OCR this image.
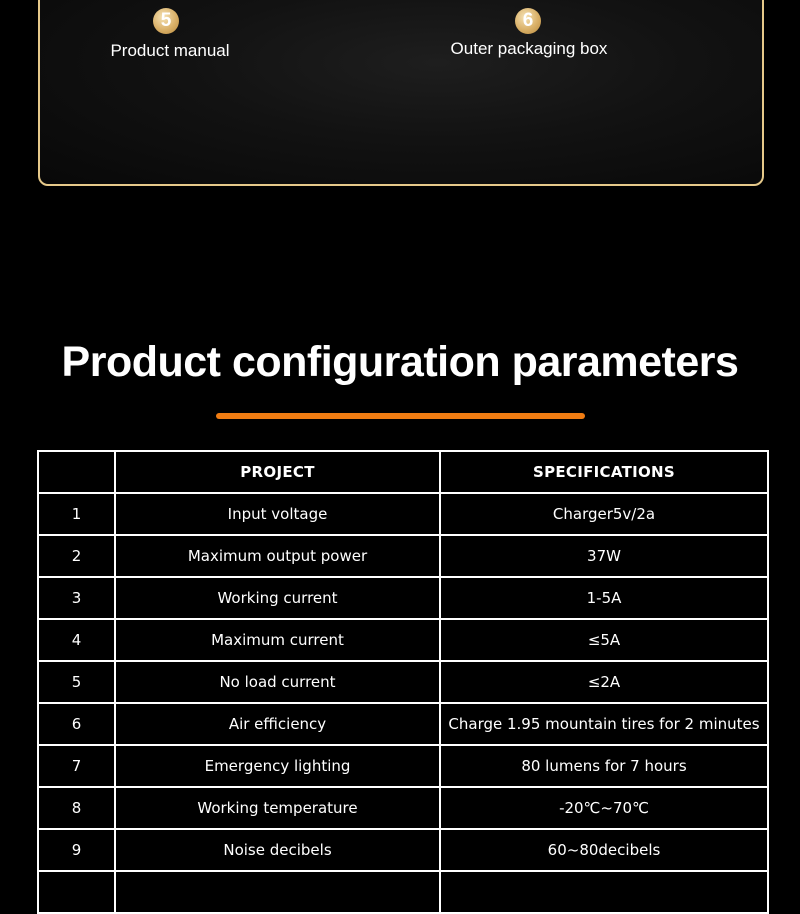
5
Product manual
6
Outer packaging box
Product configuration parameters
	PROJECT	SPECIFICATIONS
1	Input voltage	Charger5v/2a
2	Maximum output power	37W
3	Working current	1-5A
4	Maximum current	≤5A
5	No load current	≤2A
6	Air efficiency	Charge 1.95 mountain tires for 2 minutes
7	Emergency lighting	80 lumens for 7 hours
8	Working temperature	-20℃~70℃
9	Noise decibels	60~80decibels
